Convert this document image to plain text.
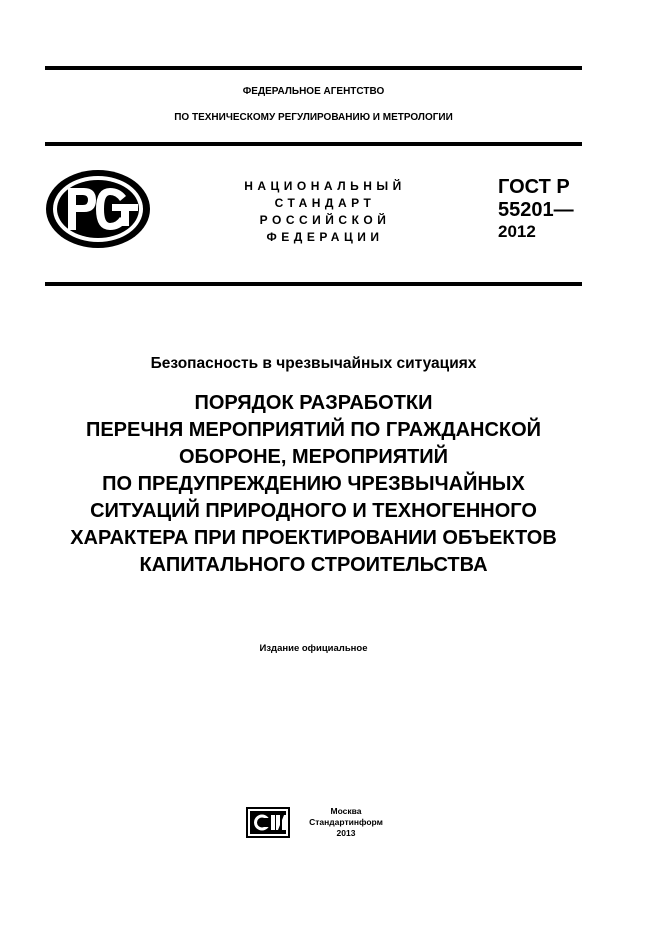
ФЕДЕРАЛЬНОЕ АГЕНТСТВО
ПО ТЕХНИЧЕСКОМУ РЕГУЛИРОВАНИЮ И МЕТРОЛОГИИ
НАЦИОНАЛЬНЫЙ
СТАНДАРТ
РОССИЙСКОЙ
ФЕДЕРАЦИИ
ГОСТ Р
55201—
2012
Безопасность в чрезвычайных ситуациях
ПОРЯДОК РАЗРАБОТКИ
ПЕРЕЧНЯ МЕРОПРИЯТИЙ ПО ГРАЖДАНСКОЙ
ОБОРОНЕ, МЕРОПРИЯТИЙ
ПО ПРЕДУПРЕЖДЕНИЮ ЧРЕЗВЫЧАЙНЫХ
СИТУАЦИЙ ПРИРОДНОГО И ТЕХНОГЕННОГО
ХАРАКТЕРА ПРИ ПРОЕКТИРОВАНИИ ОБЪЕКТОВ
КАПИТАЛЬНОГО СТРОИТЕЛЬСТВА
Издание официальное
Москва
Стандартинформ
2013
